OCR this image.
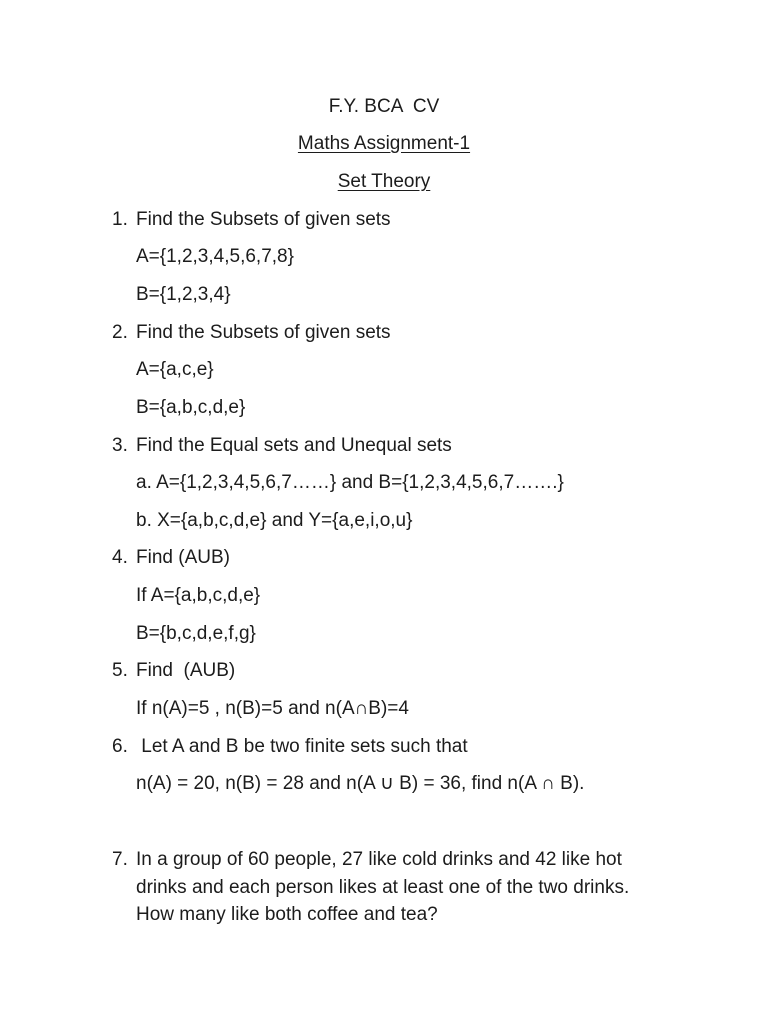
F.Y. BCA  CV
Maths Assignment-1
Set Theory
1. Find the Subsets of given sets
A={1,2,3,4,5,6,7,8}
B={1,2,3,4}
2. Find the Subsets of given sets
A={a,c,e}
B={a,b,c,d,e}
3. Find the Equal sets and Unequal sets
a. A={1,2,3,4,5,6,7……} and B={1,2,3,4,5,6,7…….}
b. X={a,b,c,d,e} and Y={a,e,i,o,u}
4. Find (AUB)
If A={a,b,c,d,e}
B={b,c,d,e,f,g}
5. Find  (AUB)
If n(A)=5 , n(B)=5 and n(A∩B)=4
6. Let A and B be two finite sets such that
n(A) = 20, n(B) = 28 and n(A ∪ B) = 36, find n(A ∩ B).
7. In a group of 60 people, 27 like cold drinks and 42 like hot
drinks and each person likes at least one of the two drinks.
How many like both coffee and tea?
